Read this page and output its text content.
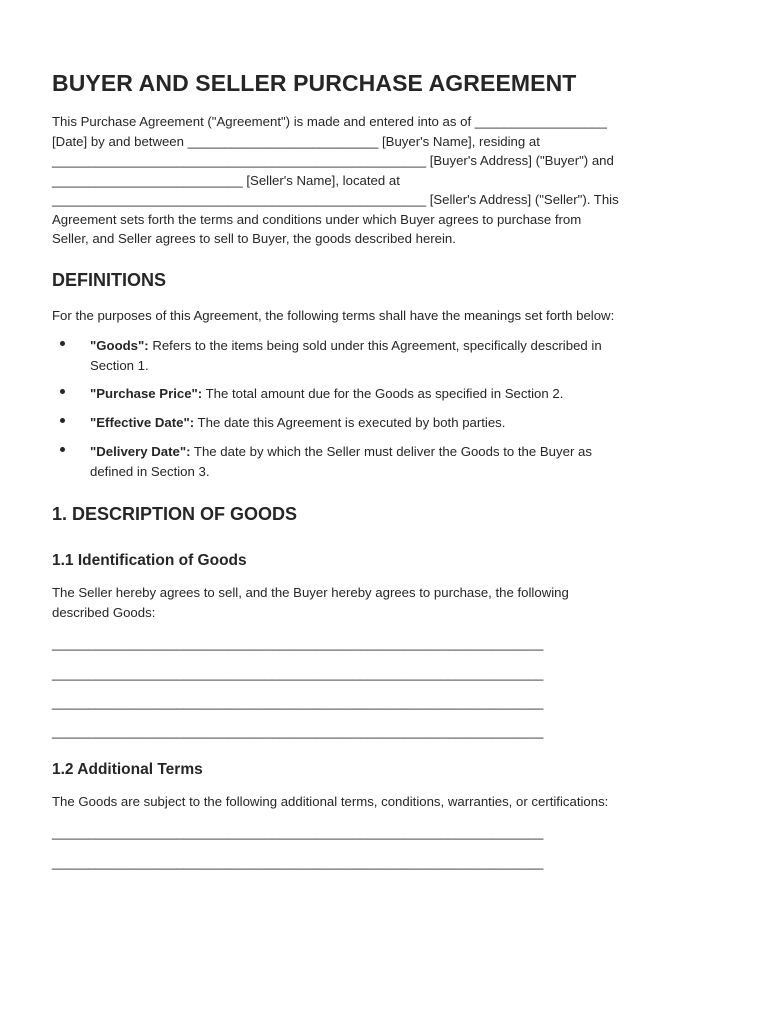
BUYER AND SELLER PURCHASE AGREEMENT

This Purchase Agreement ("Agreement") is made and entered into as of __________________
[Date] by and between __________________________ [Buyer's Name], residing at
___________________________________________________ [Buyer's Address] ("Buyer") and
__________________________ [Seller's Name], located at
___________________________________________________ [Seller's Address] ("Seller"). This
Agreement sets forth the terms and conditions under which Buyer agrees to purchase from
Seller, and Seller agrees to sell to Buyer, the goods described herein.

DEFINITIONS

For the purposes of this Agreement, the following terms shall have the meanings set forth below:

"Goods": Refers to the items being sold under this Agreement, specifically described in
Section 1.
"Purchase Price": The total amount due for the Goods as specified in Section 2.
"Effective Date": The date this Agreement is executed by both parties.
"Delivery Date": The date by which the Seller must deliver the Goods to the Buyer as
defined in Section 3.
1. DESCRIPTION OF GOODS
1.1 Identification of Goods

The Seller hereby agrees to sell, and the Buyer hereby agrees to purchase, the following
described Goods:

___________________________________________________________________
___________________________________________________________________
___________________________________________________________________
___________________________________________________________________
1.2 Additional Terms

The Goods are subject to the following additional terms, conditions, warranties, or certifications:

___________________________________________________________________
___________________________________________________________________
